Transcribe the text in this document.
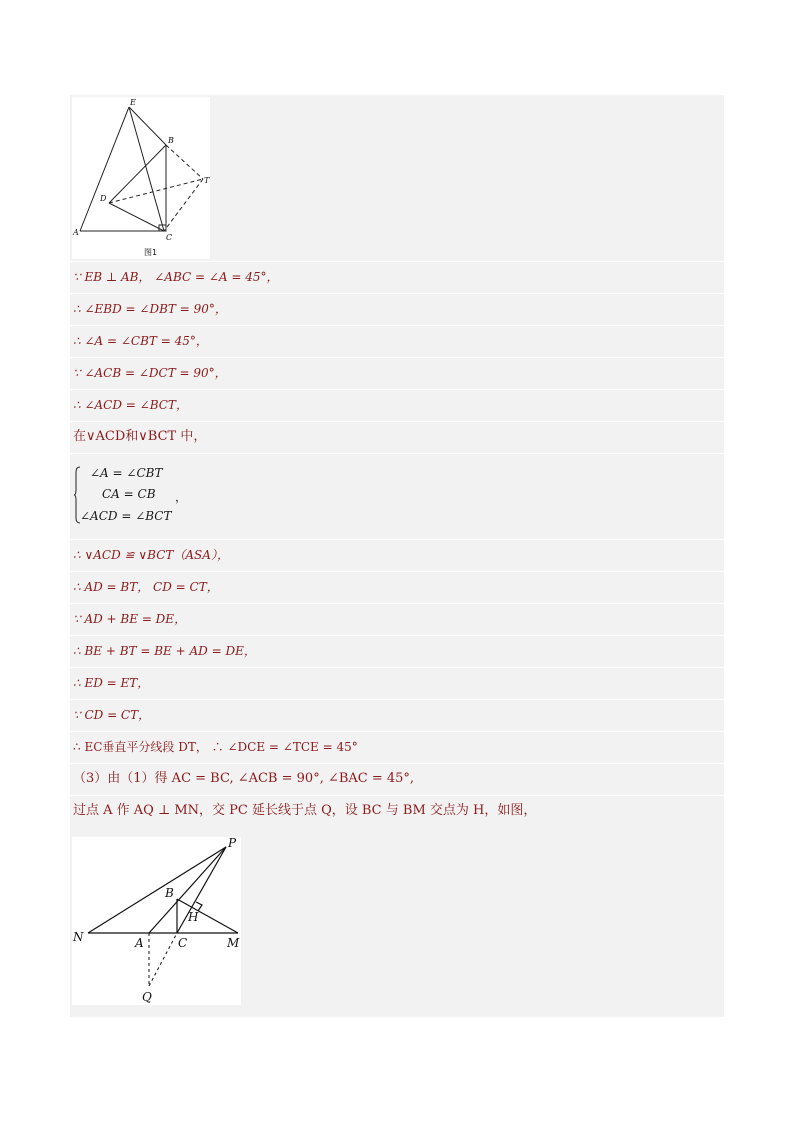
E
B
T
D
A
C
图1
∵ EB ⊥ AB， ∠ABC = ∠A = 45°，
∴ ∠EBD = ∠DBT = 90°，
∴ ∠A = ∠CBT = 45°，
∵ ∠ACB = ∠DCT = 90°，
∴ ∠ACD = ∠BCT，
在∨ACD和∨BCT 中，
∠A = ∠CBT
CA = CB ，
∠ACD = ∠BCT
∴ ∨ACD ≌ ∨BCT（ASA），
∴ AD = BT， CD = CT，
∵ AD + BE = DE，
∴ BE + BT = BE + AD = DE，
∴ ED = ET，
∵ CD = CT，
∴ EC垂直平分线段 DT， ∴ ∠DCE = ∠TCE = 45°
（3）由（1）得 AC = BC, ∠ACB = 90°, ∠BAC = 45°,
过点 A 作 AQ ⊥ MN，交 PC 延长线于点 Q，设 BC 与 BM 交点为 H，如图，
P
B
H
N	A	C	M
Q
